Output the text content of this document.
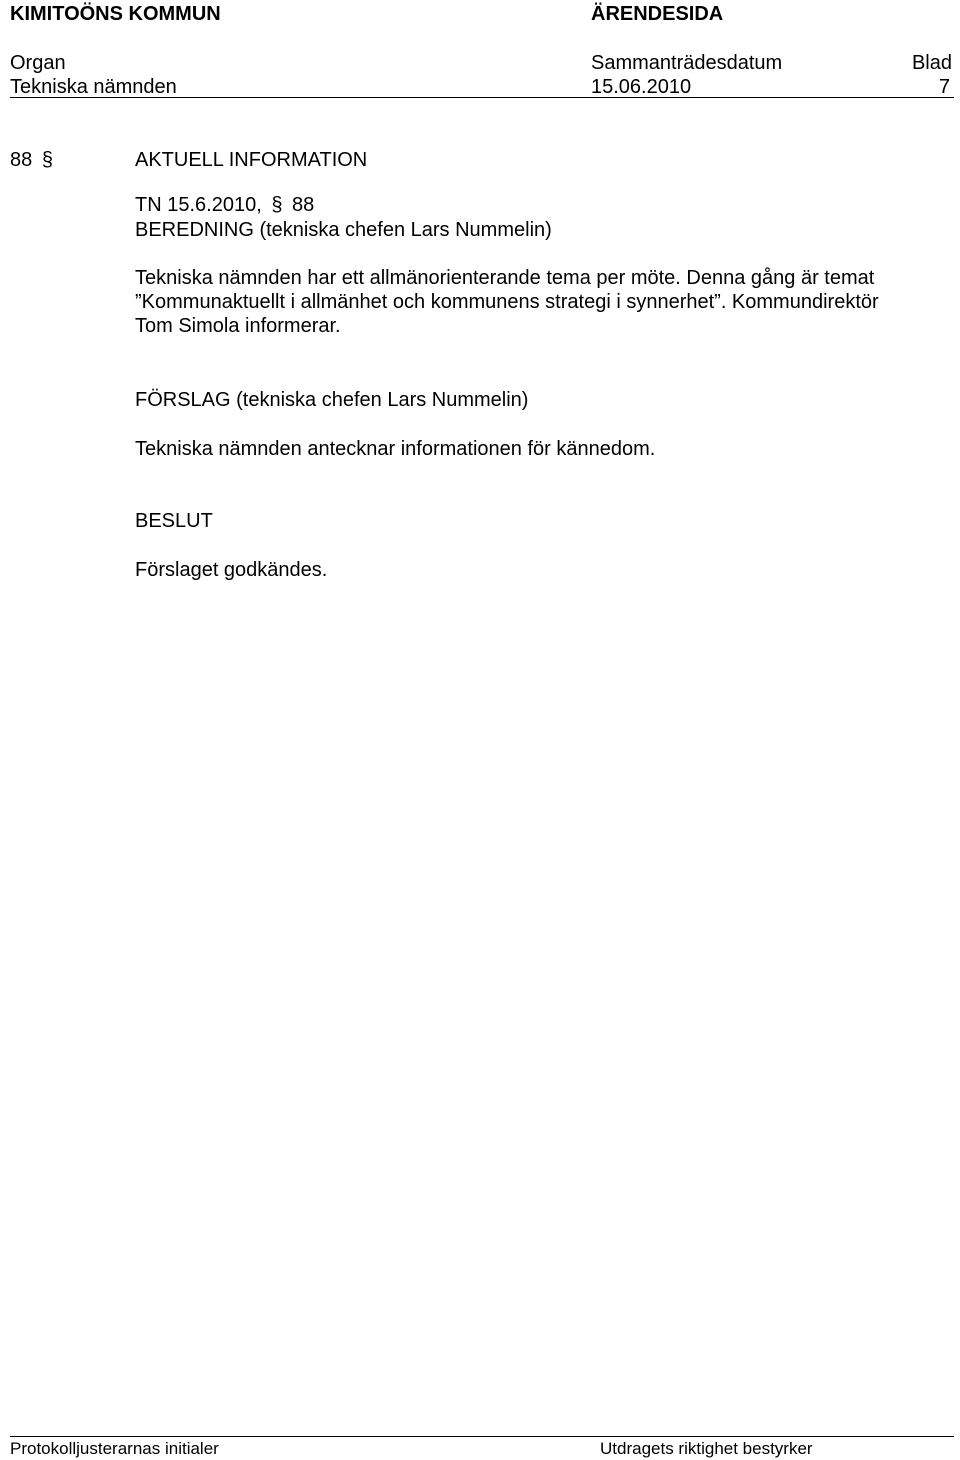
KIMITOÖNS KOMMUN	ÄRENDESIDA
Organ	Sammanträdesdatum	Blad
Tekniska nämnden	15.06.2010	7
88 §	AKTUELL INFORMATION
TN 15.6.2010, § 88
BEREDNING (tekniska chefen Lars Nummelin)
Tekniska nämnden har ett allmänorienterande tema per möte. Denna gång är temat
”Kommunaktuellt i allmänhet och kommunens strategi i synnerhet”. Kommundirektör
Tom Simola informerar.
FÖRSLAG (tekniska chefen Lars Nummelin)
Tekniska nämnden antecknar informationen för kännedom.
BESLUT
Förslaget godkändes.
Protokolljusterarnas initialer	Utdragets riktighet bestyrker
